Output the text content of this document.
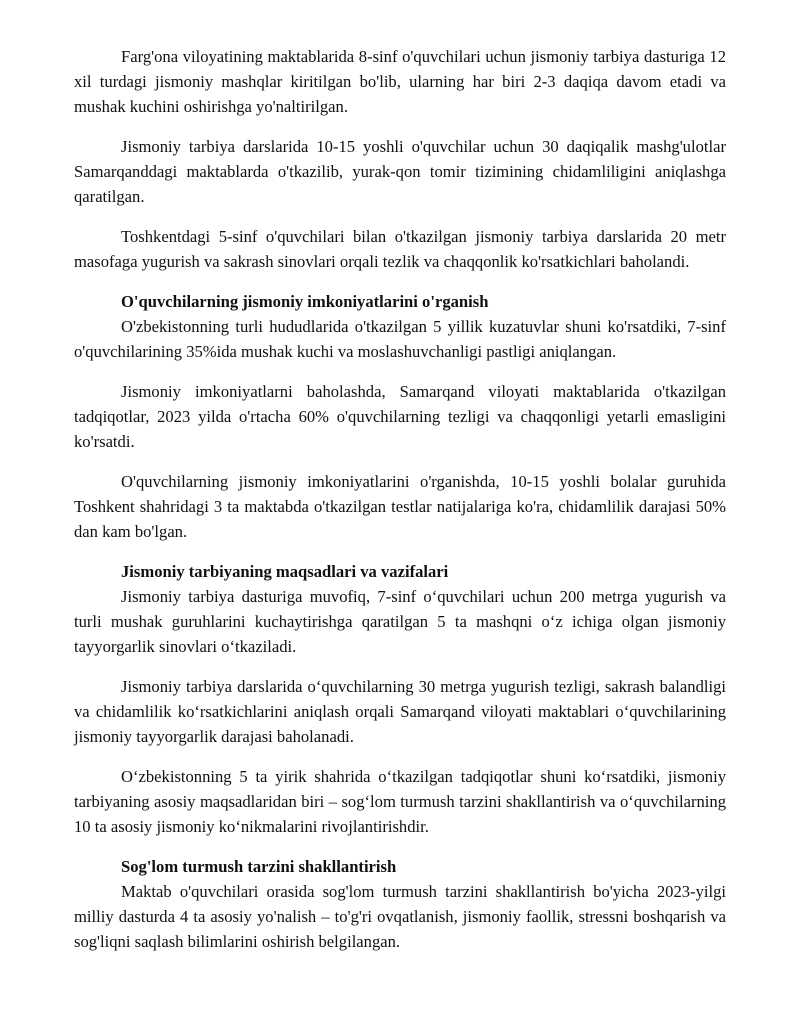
Farg'ona viloyatining maktablarida 8-sinf o'quvchilari uchun jismoniy tarbiya dasturiga 12 xil turdagi jismoniy mashqlar kiritilgan bo'lib, ularning har biri 2-3 daqiqa davom etadi va mushak kuchini oshirishga yo'naltirilgan.

Jismoniy tarbiya darslarida 10-15 yoshli o'quvchilar uchun 30 daqiqalik mashg'ulotlar Samarqanddagi maktablarda o'tkazilib, yurak-qon tomir tizimining chidamliligini aniqlashga qaratilgan.

Toshkentdagi 5-sinf o'quvchilari bilan o'tkazilgan jismoniy tarbiya darslarida 20 metr masofaga yugurish va sakrash sinovlari orqali tezlik va chaqqonlik ko'rsatkichlari baholandi.

O'quvchilarning jismoniy imkoniyatlarini o'rganish

O'zbekistonning turli hududlarida o'tkazilgan 5 yillik kuzatuvlar shuni ko'rsatdiki, 7-sinf o'quvchilarining 35%ida mushak kuchi va moslashuvchanligi pastligi aniqlangan.

Jismoniy imkoniyatlarni baholashda, Samarqand viloyati maktablarida o'tkazilgan tadqiqotlar, 2023 yilda o'rtacha 60% o'quvchilarning tezligi va chaqqonligi yetarli emasligini ko'rsatdi.

O'quvchilarning jismoniy imkoniyatlarini o'rganishda, 10-15 yoshli bolalar guruhida Toshkent shahridagi 3 ta maktabda o'tkazilgan testlar natijalariga ko'ra, chidamlilik darajasi 50% dan kam bo'lgan.

Jismoniy tarbiyaning maqsadlari va vazifalari

Jismoniy tarbiya dasturiga muvofiq, 7-sinf oʻquvchilari uchun 200 metrga yugurish va turli mushak guruhlarini kuchaytirishga qaratilgan 5 ta mashqni oʻz ichiga olgan jismoniy tayyorgarlik sinovlari oʻtkaziladi.

Jismoniy tarbiya darslarida oʻquvchilarning 30 metrga yugurish tezligi, sakrash balandligi va chidamlilik koʻrsatkichlarini aniqlash orqali Samarqand viloyati maktablari oʻquvchilarining jismoniy tayyorgarlik darajasi baholanadi.

Oʻzbekistonning 5 ta yirik shahrida oʻtkazilgan tadqiqotlar shuni koʻrsatdiki, jismoniy tarbiyaning asosiy maqsadlaridan biri – sogʻlom turmush tarzini shakllantirish va oʻquvchilarning 10 ta asosiy jismoniy koʻnikmalarini rivojlantirishdir.

Sog'lom turmush tarzini shakllantirish

Maktab o'quvchilari orasida sog'lom turmush tarzini shakllantirish bo'yicha 2023-yilgi milliy dasturda 4 ta asosiy yo'nalish – to'g'ri ovqatlanish, jismoniy faollik, stressni boshqarish va sog'liqni saqlash bilimlarini oshirish belgilangan.
